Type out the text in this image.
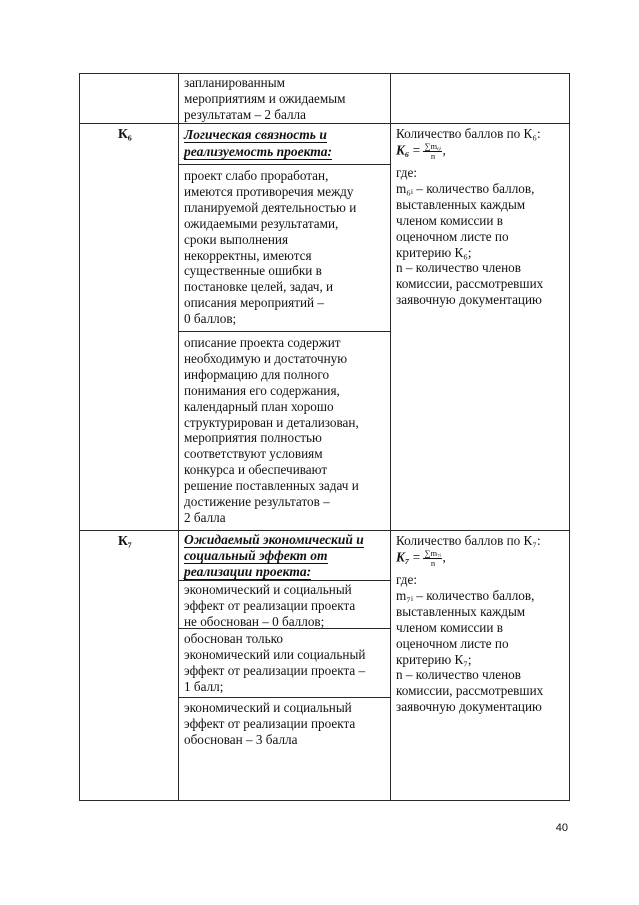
запланированным
мероприятиям и ожидаемым
результатам – 2 балла
К₆	Логическая связность и
реализуемость проекта:
проект слабо проработан,
имеются противоречия между
планируемой деятельностью и
ожидаемыми результатами,
сроки выполнения
некорректны, имеются
существенные ошибки в
постановке целей, задач, и
описания мероприятий –
0 баллов;
описание проекта содержит
необходимую и достаточную
информацию для полного
понимания его содержания,
календарный план хорошо
структурирован и детализован,
мероприятия полностью
соответствуют условиям
конкурса и обеспечивают
решение поставленных задач и
достижение результатов –
2 балла
Количество баллов по К₆:
$K_6 = \frac{\text{∑m₆ᵢ}}{n}$ ,
где:
m₆ᵢ – количество баллов,
выставленных каждым
членом комиссии в
оценочном листе по
критерию К₆;
n – количество членов
комиссии, рассмотревших
заявочную документацию
К₇	Ожидаемый экономический и
социальный эффект от
реализации проекта:
экономический и социальный
эффект от реализации проекта
не обоснован – 0 баллов;
обоснован только
экономический или социальный
эффект от реализации проекта –
1 балл;
экономический и социальный
эффект от реализации проекта
обоснован – 3 балла
Количество баллов по К₇:
$K_7 = \frac{\text{∑m₇ᵢ}}{n}$ ,
где:
m₇ᵢ – количество баллов,
выставленных каждым
членом комиссии в
оценочном листе по
критерию К₇;
n – количество членов
комиссии, рассмотревших
заявочную документацию
40
